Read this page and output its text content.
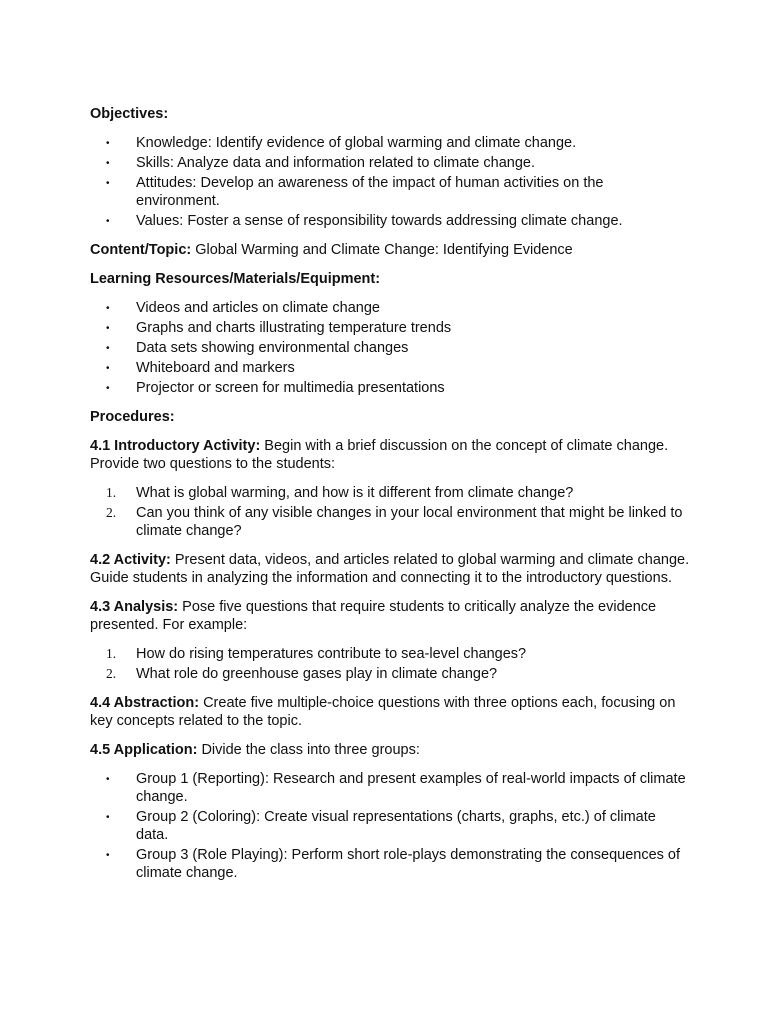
Objectives:

• Knowledge: Identify evidence of global warming and climate change.
• Skills: Analyze data and information related to climate change.
• Attitudes: Develop an awareness of the impact of human activities on the environment.
• Values: Foster a sense of responsibility towards addressing climate change.

Content/Topic: Global Warming and Climate Change: Identifying Evidence

Learning Resources/Materials/Equipment:

• Videos and articles on climate change
• Graphs and charts illustrating temperature trends
• Data sets showing environmental changes
• Whiteboard and markers
• Projector or screen for multimedia presentations

Procedures:

4.1 Introductory Activity: Begin with a brief discussion on the concept of climate change. Provide two questions to the students:

1. What is global warming, and how is it different from climate change?
2. Can you think of any visible changes in your local environment that might be linked to climate change?

4.2 Activity: Present data, videos, and articles related to global warming and climate change. Guide students in analyzing the information and connecting it to the introductory questions.

4.3 Analysis: Pose five questions that require students to critically analyze the evidence presented. For example:

1. How do rising temperatures contribute to sea-level changes?
2. What role do greenhouse gases play in climate change?

4.4 Abstraction: Create five multiple-choice questions with three options each, focusing on key concepts related to the topic.

4.5 Application: Divide the class into three groups:

• Group 1 (Reporting): Research and present examples of real-world impacts of climate change.
• Group 2 (Coloring): Create visual representations (charts, graphs, etc.) of climate data.
• Group 3 (Role Playing): Perform short role-plays demonstrating the consequences of climate change.
